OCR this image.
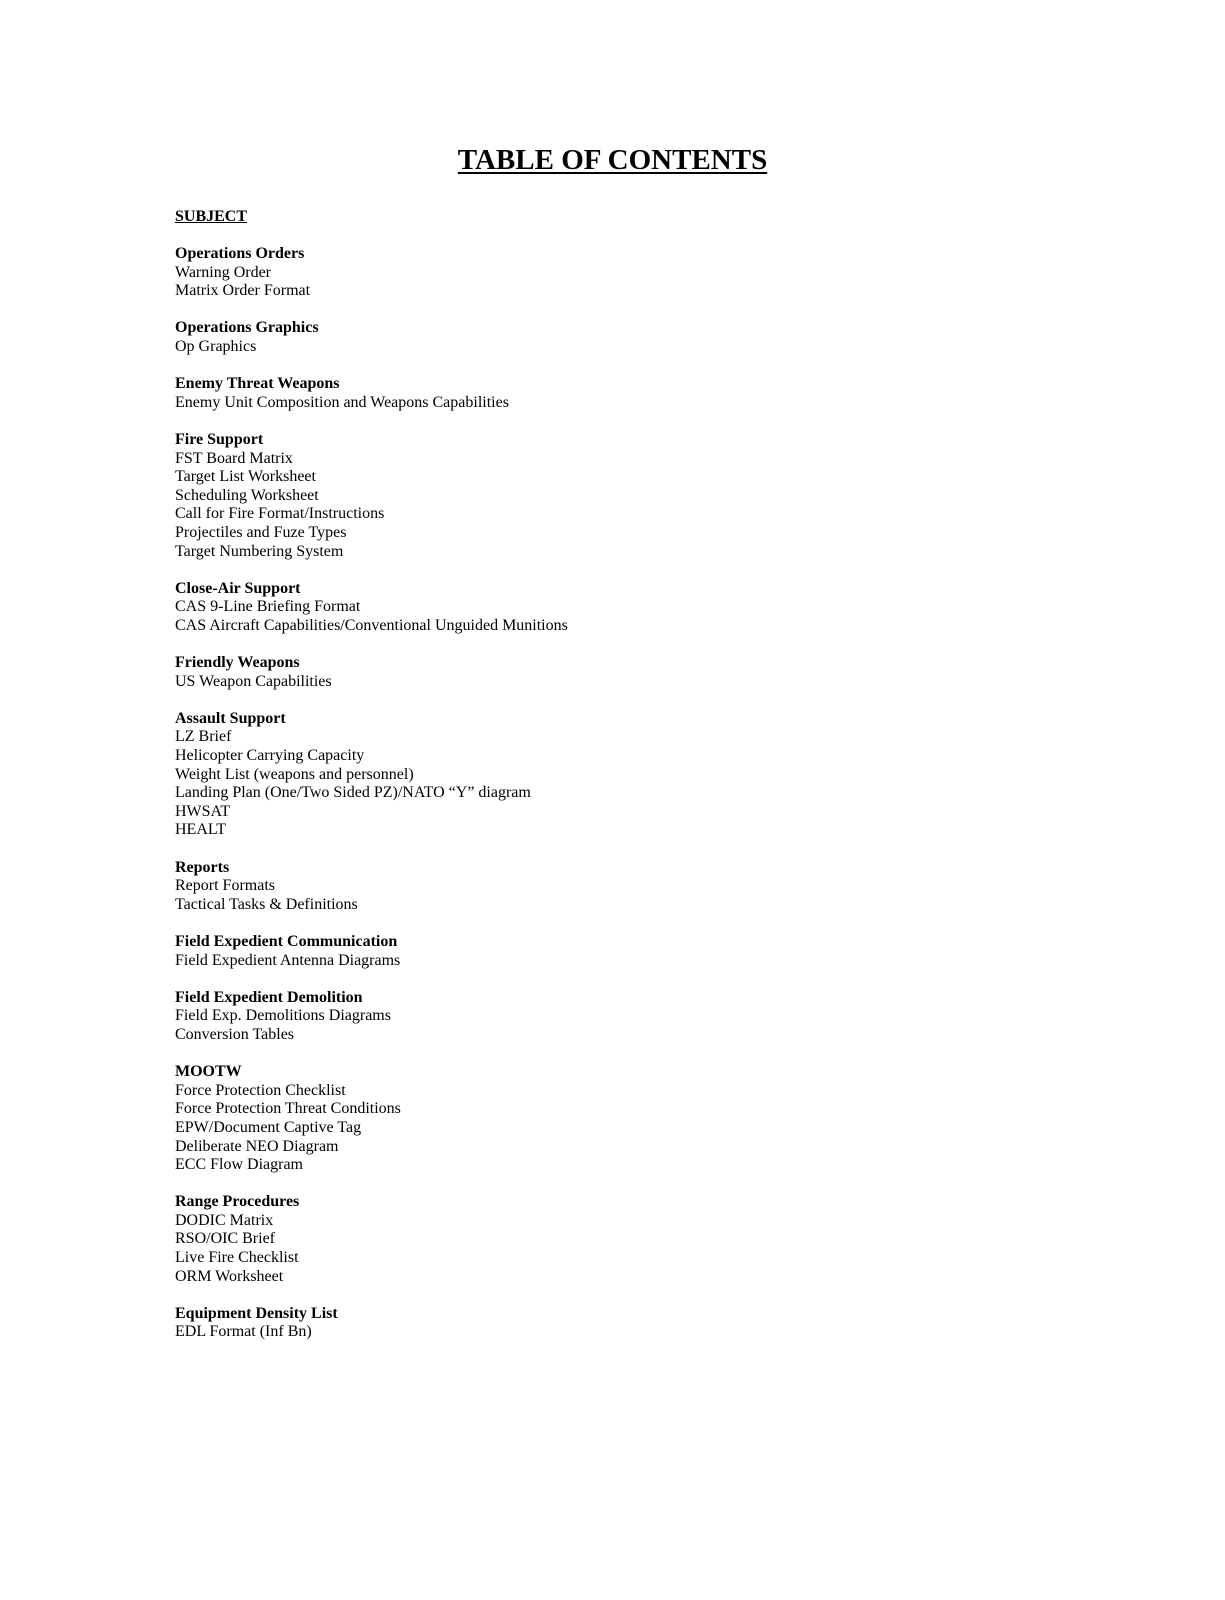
TABLE OF CONTENTS
SUBJECT
Operations Orders
Warning Order
Matrix Order Format
Operations Graphics
Op Graphics
Enemy Threat Weapons
Enemy Unit Composition and Weapons Capabilities
Fire Support
FST Board Matrix
Target List Worksheet
Scheduling Worksheet
Call for Fire Format/Instructions
Projectiles and Fuze Types
Target Numbering System
Close-Air Support
CAS 9-Line Briefing Format
CAS Aircraft Capabilities/Conventional Unguided Munitions
Friendly Weapons
US Weapon Capabilities
Assault Support
LZ Brief
Helicopter Carrying Capacity
Weight List (weapons and personnel)
Landing Plan (One/Two Sided PZ)/NATO “Y” diagram
HWSAT
HEALT
Reports
Report Formats
Tactical Tasks & Definitions
Field Expedient Communication
Field Expedient Antenna Diagrams
Field Expedient Demolition
Field Exp. Demolitions Diagrams
Conversion Tables
MOOTW
Force Protection Checklist
Force Protection Threat Conditions
EPW/Document Captive Tag
Deliberate NEO Diagram
ECC Flow Diagram
Range Procedures
DODIC Matrix
RSO/OIC Brief
Live Fire Checklist
ORM Worksheet
Equipment Density List
EDL Format (Inf Bn)
